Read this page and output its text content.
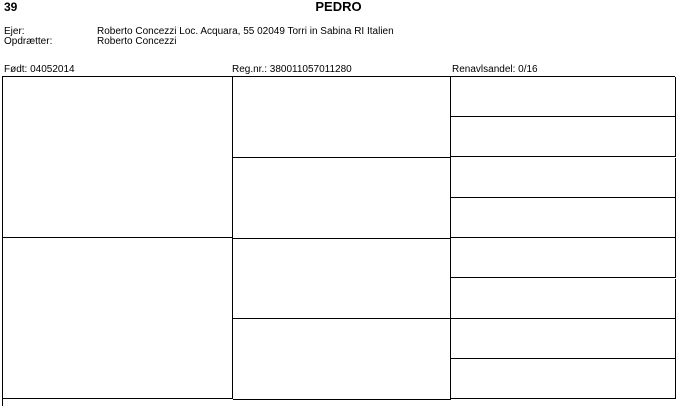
39	PEDRO
Ejer:	Roberto Concezzi Loc. Acquara, 55 02049 Torri in Sabina RI Italien
Opdrætter:	Roberto Concezzi
Født: 04052014	Reg.nr.: 380011057011280	Renavlsandel: 0/16
